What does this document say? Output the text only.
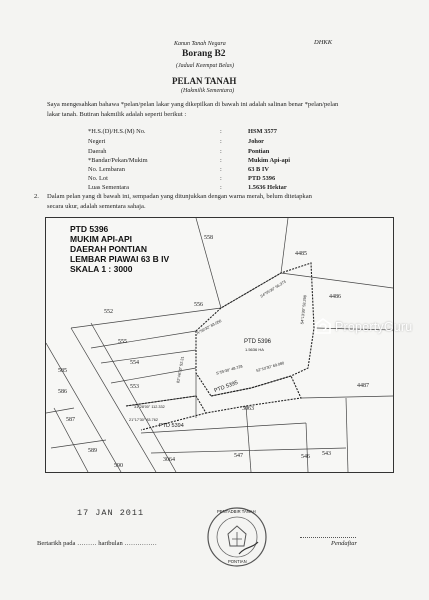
Kanun Tanah Negara	DHKK
Borang B2
(Jadual Keempat Belas)
PELAN TANAH
(Hakmilik Sementara)
Saya mengesahkan bahawa *pelan/pelan lakar yang dikepilkan di bawah ini adalah salinan benar *pelan/pelan
lakar tanah. Butiran hakmilik adalah seperti berikut :
*H.S.(D)/H.S.(M) No.	:	HSM 3577
Negeri	:	Johor
Daerah	:	Pontian
*Bandar/Pekan/Mukim	:	Mukim Api-api
No. Lembaran	:	63 B IV
No. Lot	:	PTD 5396
Luas Sementara	:	1.5636 Hektar
2. Dalam pelan yang di bawah ini, sempadan yang ditunjukkan dengan warna merah, belum ditetapkan
secara ukur, adalah sementara sahaja.
PTD 5396
MUKIM API-API
DAERAH PONTIAN
LEMBAR PIAWAI 63 B IV
SKALA 1 : 3000
558
4485
4486
552
556
555
554
PTD 5396
PTD 5395	4487
585
553
586
587
PTD 5394
3063
589
3064
547	546 543
590
1.5636 HA
S4°55'30" 56.373
S4°13'30" 58.298
A°59'32" 83.056
31°28'00" 112.332
52°10'30" 69.080
S°55'30" 48.728
21°17'30" 83.762
82°46'30" 52.31
PropertyGuru
17 JAN 2011
Bertarikh pada ……… haribulan ……………
PENTADBIR TANAH
PONTIAN
Pendaftar
